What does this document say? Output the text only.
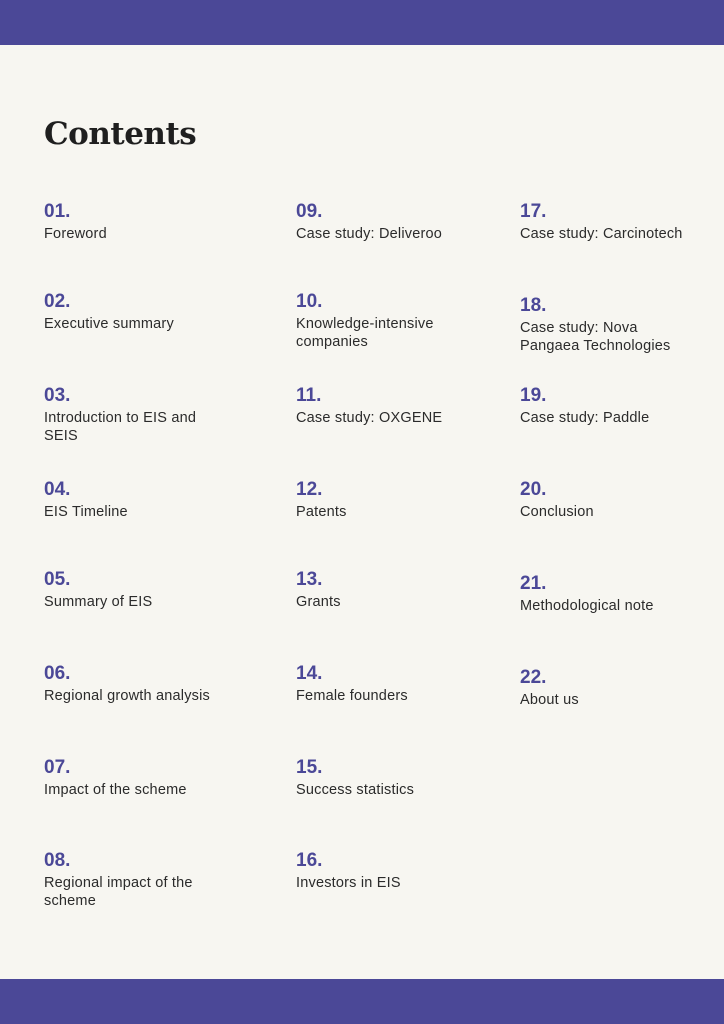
Contents
01.
Foreword
02.
Executive summary
03.
Introduction to EIS and SEIS
04.
EIS Timeline
05.
Summary of EIS
06.
Regional growth analysis
07.
Impact of the scheme
08.
Regional impact of the scheme
09.
Case study: Deliveroo
10.
Knowledge-intensive companies
11.
Case study: OXGENE
12.
Patents
13.
Grants
14.
Female founders
15.
Success statistics
16.
Investors in EIS
17.
Case study: Carcinotech
18.
Case study: Nova Pangaea Technologies
19.
Case study: Paddle
20.
Conclusion
21.
Methodological note
22.
About us
